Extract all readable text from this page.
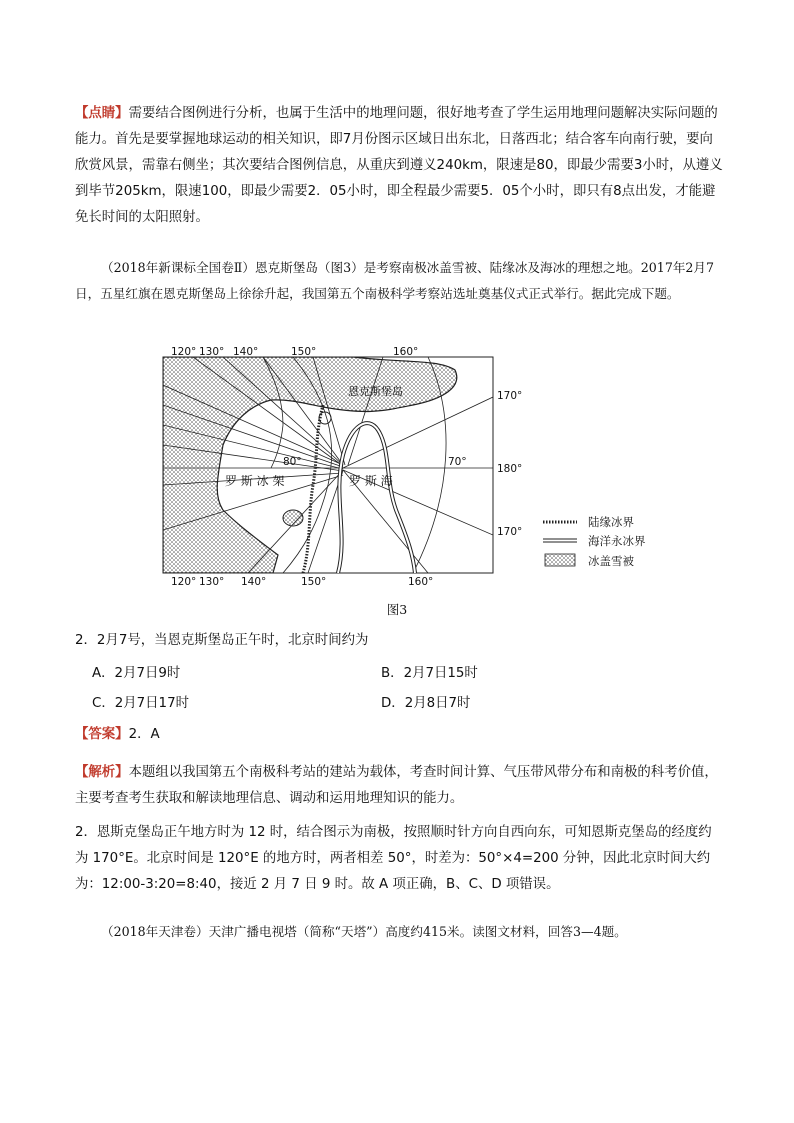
【点睛】需要结合图例进行分析，也属于生活中的地理问题，很好地考查了学生运用地理问题解决实际问题的能力。首先是要掌握地球运动的相关知识，即7月份图示区域日出东北，日落西北；结合客车向南行驶，要向欣赏风景，需靠右侧坐；其次要结合图例信息，从重庆到遵义240km，限速是80，即最少需要3小时，从遵义到毕节205km，限速100，即最少需要2．05小时，即全程最少需要5．05个小时，即只有8点出发，才能避免长时间的太阳照射。
（2018年新课标全国卷Ⅱ）恩克斯堡岛（图3）是考察南极冰盖雪被、陆缘冰及海冰的理想之地。2017年2月7日，五星红旗在恩克斯堡岛上徐徐升起，我国第五个南极科学考察站选址奠基仪式正式举行。据此完成下题。
120° 130° 140°	150°	160°
120° 130° 140°	150°	160°
170°
180°
170°
80°	70°
恩克斯堡岛
罗 斯 冰 架	罗 斯 海
陆缘冰界
海洋永冰界
冰盖雪被
图3
2．2月7号，当恩克斯堡岛正午时，北京时间约为
A．2月7日9时	B．2月7日15时
C．2月7日17时	D．2月8日7时
【答案】2．A
【解析】本题组以我国第五个南极科考站的建站为载体，考查时间计算、气压带风带分布和南极的科考价值，主要考查考生获取和解读地理信息、调动和运用地理知识的能力。
2．恩斯克堡岛正午地方时为 12 时，结合图示为南极，按照顺时针方向自西向东，可知恩斯克堡岛的经度约为 170°E。北京时间是 120°E 的地方时，两者相差 50°，时差为：50°×4=200 分钟，因此北京时间大约为：12:00-3:20=8:40，接近 2 月 7 日 9 时。故 A 项正确，B、C、D 项错误。
（2018年天津卷）天津广播电视塔（简称“天塔”）高度约415米。读图文材料，回答3—4题。
